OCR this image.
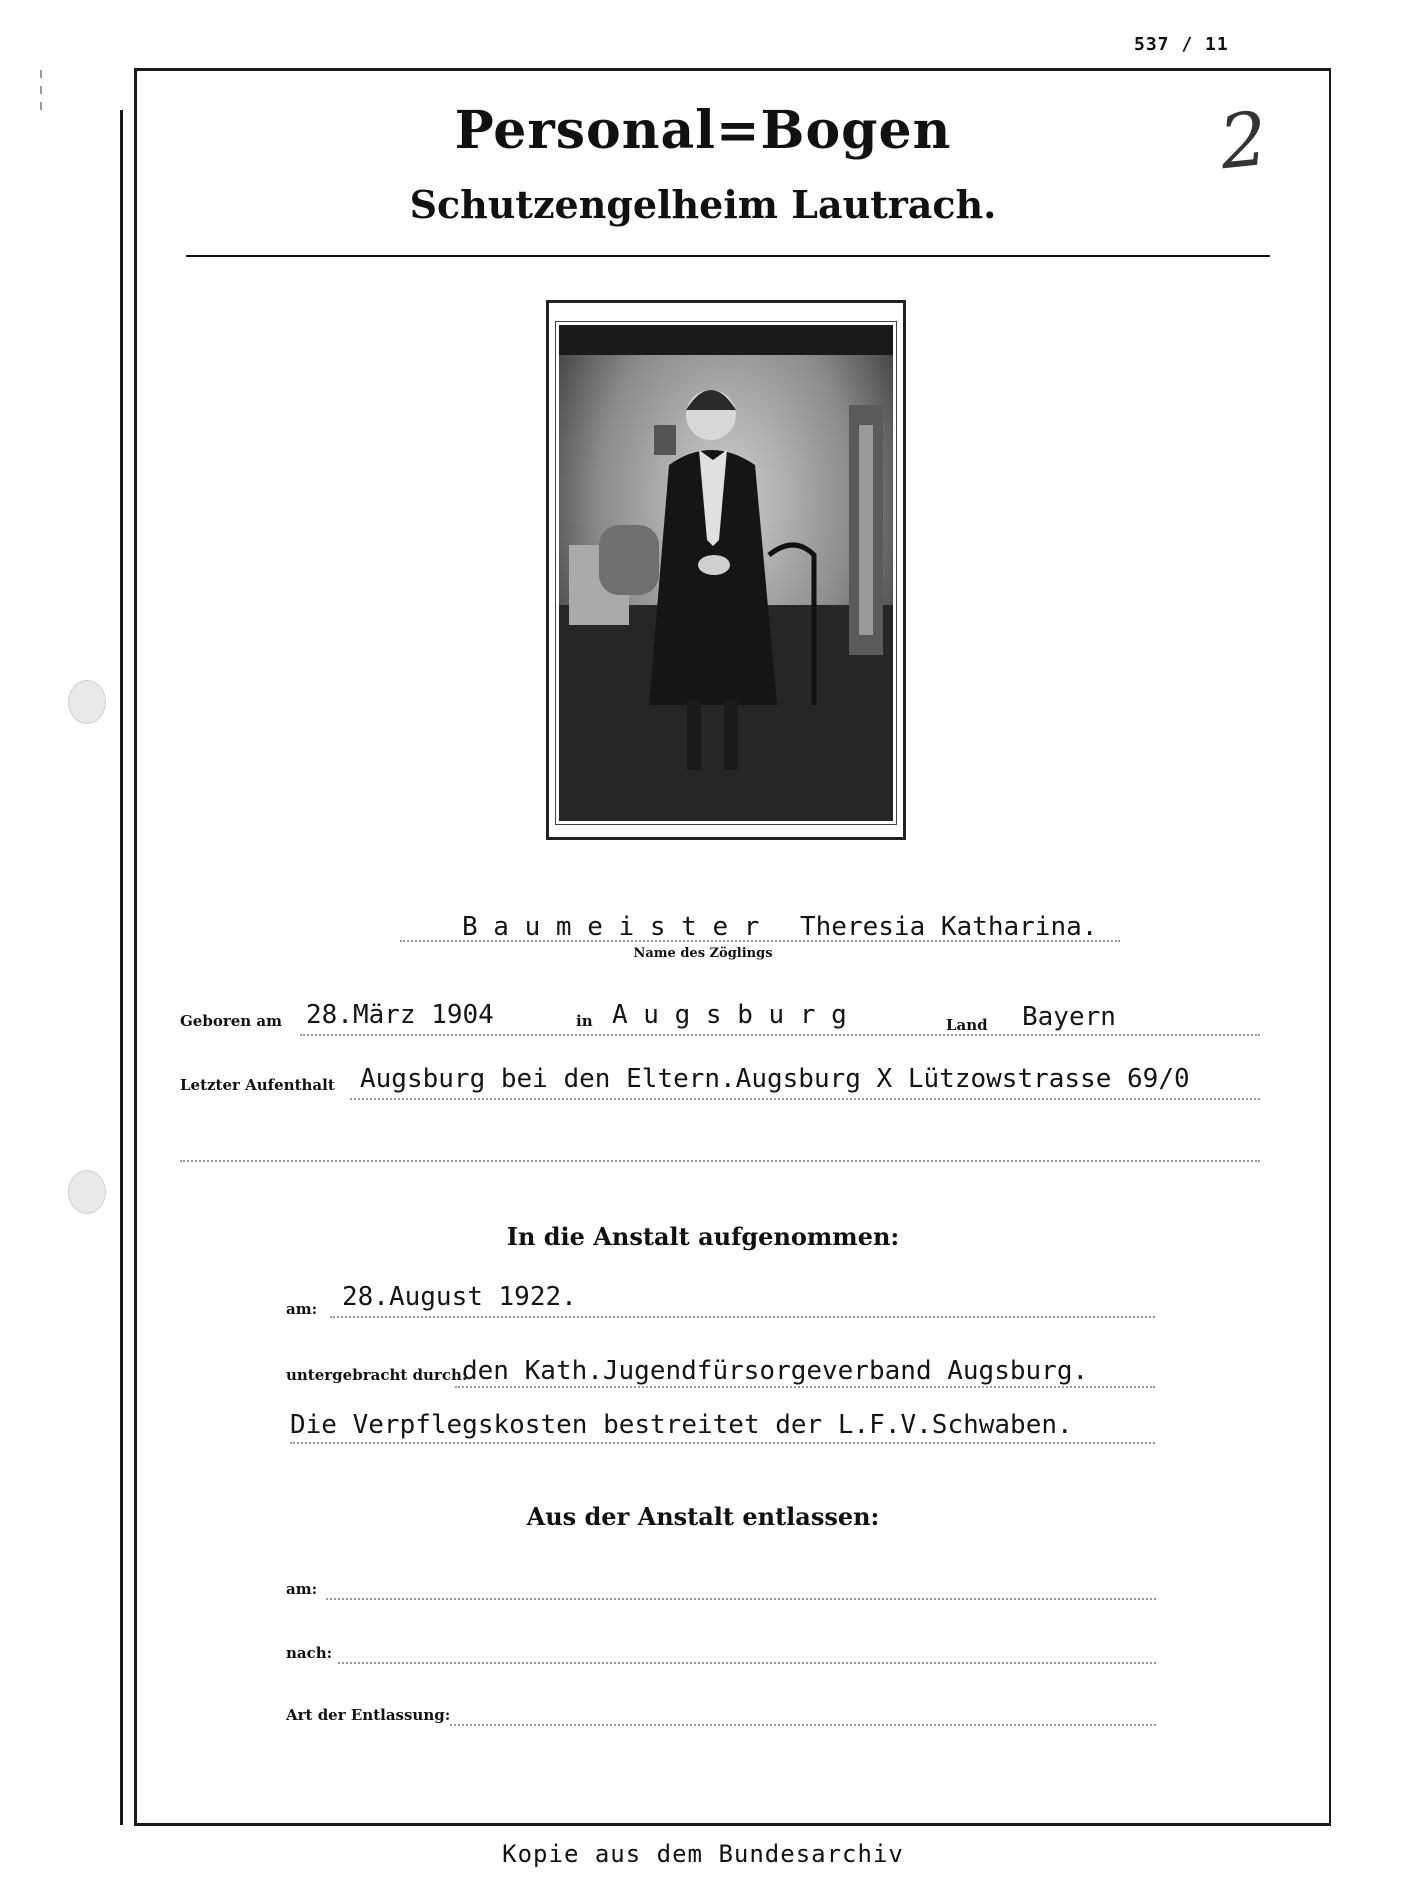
537 / 11
Personal=Bogen
Schutzengelheim Lautrach.
2
B a u m e i s t e r Theresia Katharina.
Name des Zöglings
Geboren am 28.März 1904	in A u g s b u r g	Land Bayern
Letzter Aufenthalt Augsburg bei den Eltern.Augsburg X Lützowstrasse 69/0
In die Anstalt aufgenommen:
am: 28.August 1922.
untergebracht durch:
den Kath.Jugendfürsorgeverband Augsburg.
Die Verpflegskosten bestreitet der L.F.V.Schwaben.
Aus der Anstalt entlassen:
am:
nach:
Art der Entlassung:
Kopie aus dem Bundesarchiv
